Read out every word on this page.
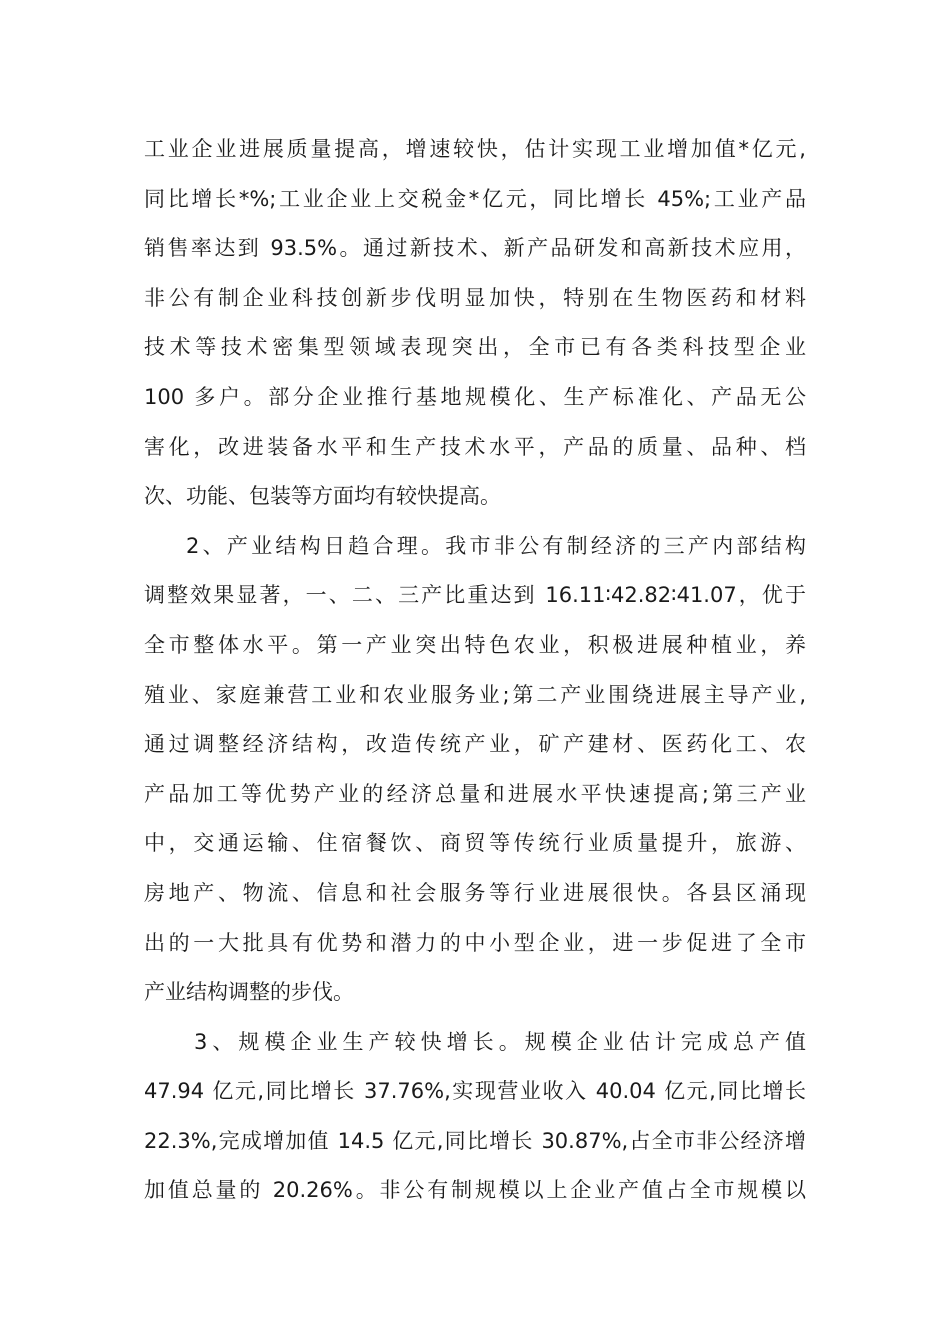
工业企业进展质量提高，增速较快，估计实现工业增加值*亿元,
同比增长*%;工业企业上交税金*亿元，同比增长 45%;工业产品
销售率达到 93.5%。通过新技术、新产品研发和高新技术应用，
非公有制企业科技创新步伐明显加快，特别在生物医药和材料
技术等技术密集型领域表现突出，全市已有各类科技型企业
100 多户。部分企业推行基地规模化、生产标准化、产品无公
害化，改进装备水平和生产技术水平，产品的质量、品种、档
次、功能、包装等方面均有较快提高。
2、产业结构日趋合理。我市非公有制经济的三产内部结构
调整效果显著，一、二、三产比重达到 16.11∶42.82∶41.07，优于
全市整体水平。第一产业突出特色农业，积极进展种植业，养
殖业、家庭兼营工业和农业服务业;第二产业围绕进展主导产业,
通过调整经济结构，改造传统产业，矿产建材、医药化工、农
产品加工等优势产业的经济总量和进展水平快速提高;第三产业
中，交通运输、住宿餐饮、商贸等传统行业质量提升，旅游、
房地产、物流、信息和社会服务等行业进展很快。各县区涌现
出的一大批具有优势和潜力的中小型企业，进一步促进了全市
产业结构调整的步伐。
3、规模企业生产较快增长。规模企业估计完成总产值
47.94 亿元,同比增长 37.76%,实现营业收入 40.04 亿元,同比增长
22.3%,完成增加值 14.5 亿元,同比增长 30.87%,占全市非公经济增
加值总量的 20.26%。非公有制规模以上企业产值占全市规模以
